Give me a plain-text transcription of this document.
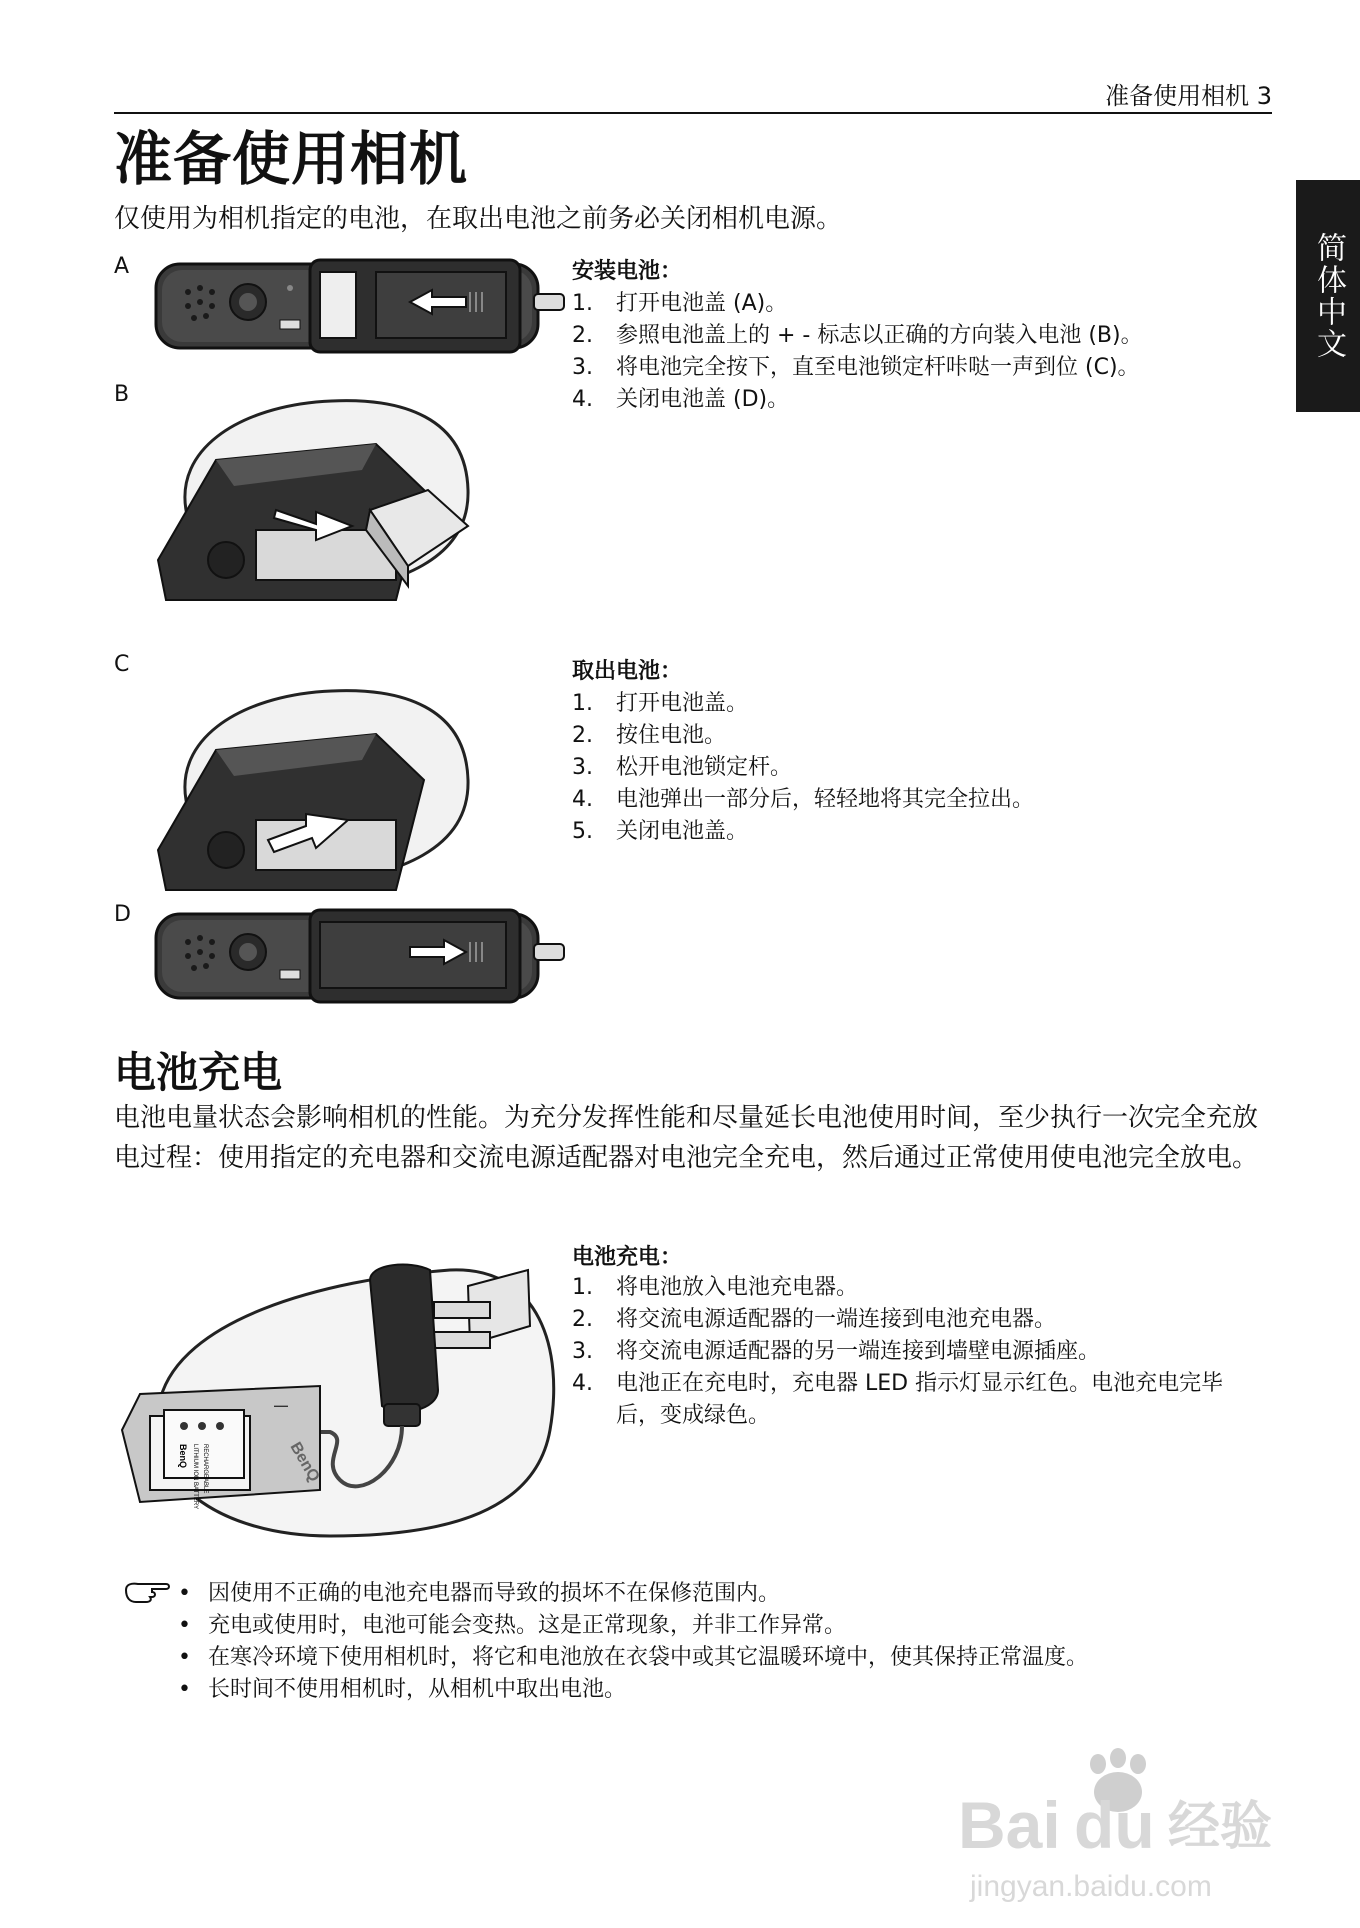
准备使用相机 3
简体中文
准备使用相机
仅使用为相机指定的电池，在取出电池之前务必关闭相机电源。
A
B
C
D
安装电池：
1.	打开电池盖 (A)。
2.	参照电池盖上的 + - 标志以正确的方向装入电池 (B)。
3.	将电池完全按下，直至电池锁定杆咔哒一声到位 (C)。
4.	关闭电池盖 (D)。
取出电池：
1.	打开电池盖。
2.	按住电池。
3.	松开电池锁定杆。
4.	电池弹出一部分后，轻轻地将其完全拉出。
5.	关闭电池盖。
电池充电
电池电量状态会影响相机的性能。为充分发挥性能和尽量延长电池使用时间，至少执行一次完全充放电过程：使用指定的充电器和交流电源适配器对电池完全充电，然后通过正常使用使电池完全放电。
BenQ LITHIUM ION BATTERY RECHARGEABLE	BenQ
—
电池充电：
1.	将电池放入电池充电器。
2.	将交流电源适配器的一端连接到电池充电器。
3.	将交流电源适配器的另一端连接到墙壁电源插座。
4.	电池正在充电时，充电器 LED 指示灯显示红色。电池充电完毕后，变成绿色。
• 因使用不正确的电池充电器而导致的损坏不在保修范围内。
• 充电或使用时，电池可能会变热。这是正常现象，并非工作异常。
• 在寒冷环境下使用相机时，将它和电池放在衣袋中或其它温暖环境中，使其保持正常温度。
• 长时间不使用相机时，从相机中取出电池。
Bai du 经验
jingyan.baidu.com
